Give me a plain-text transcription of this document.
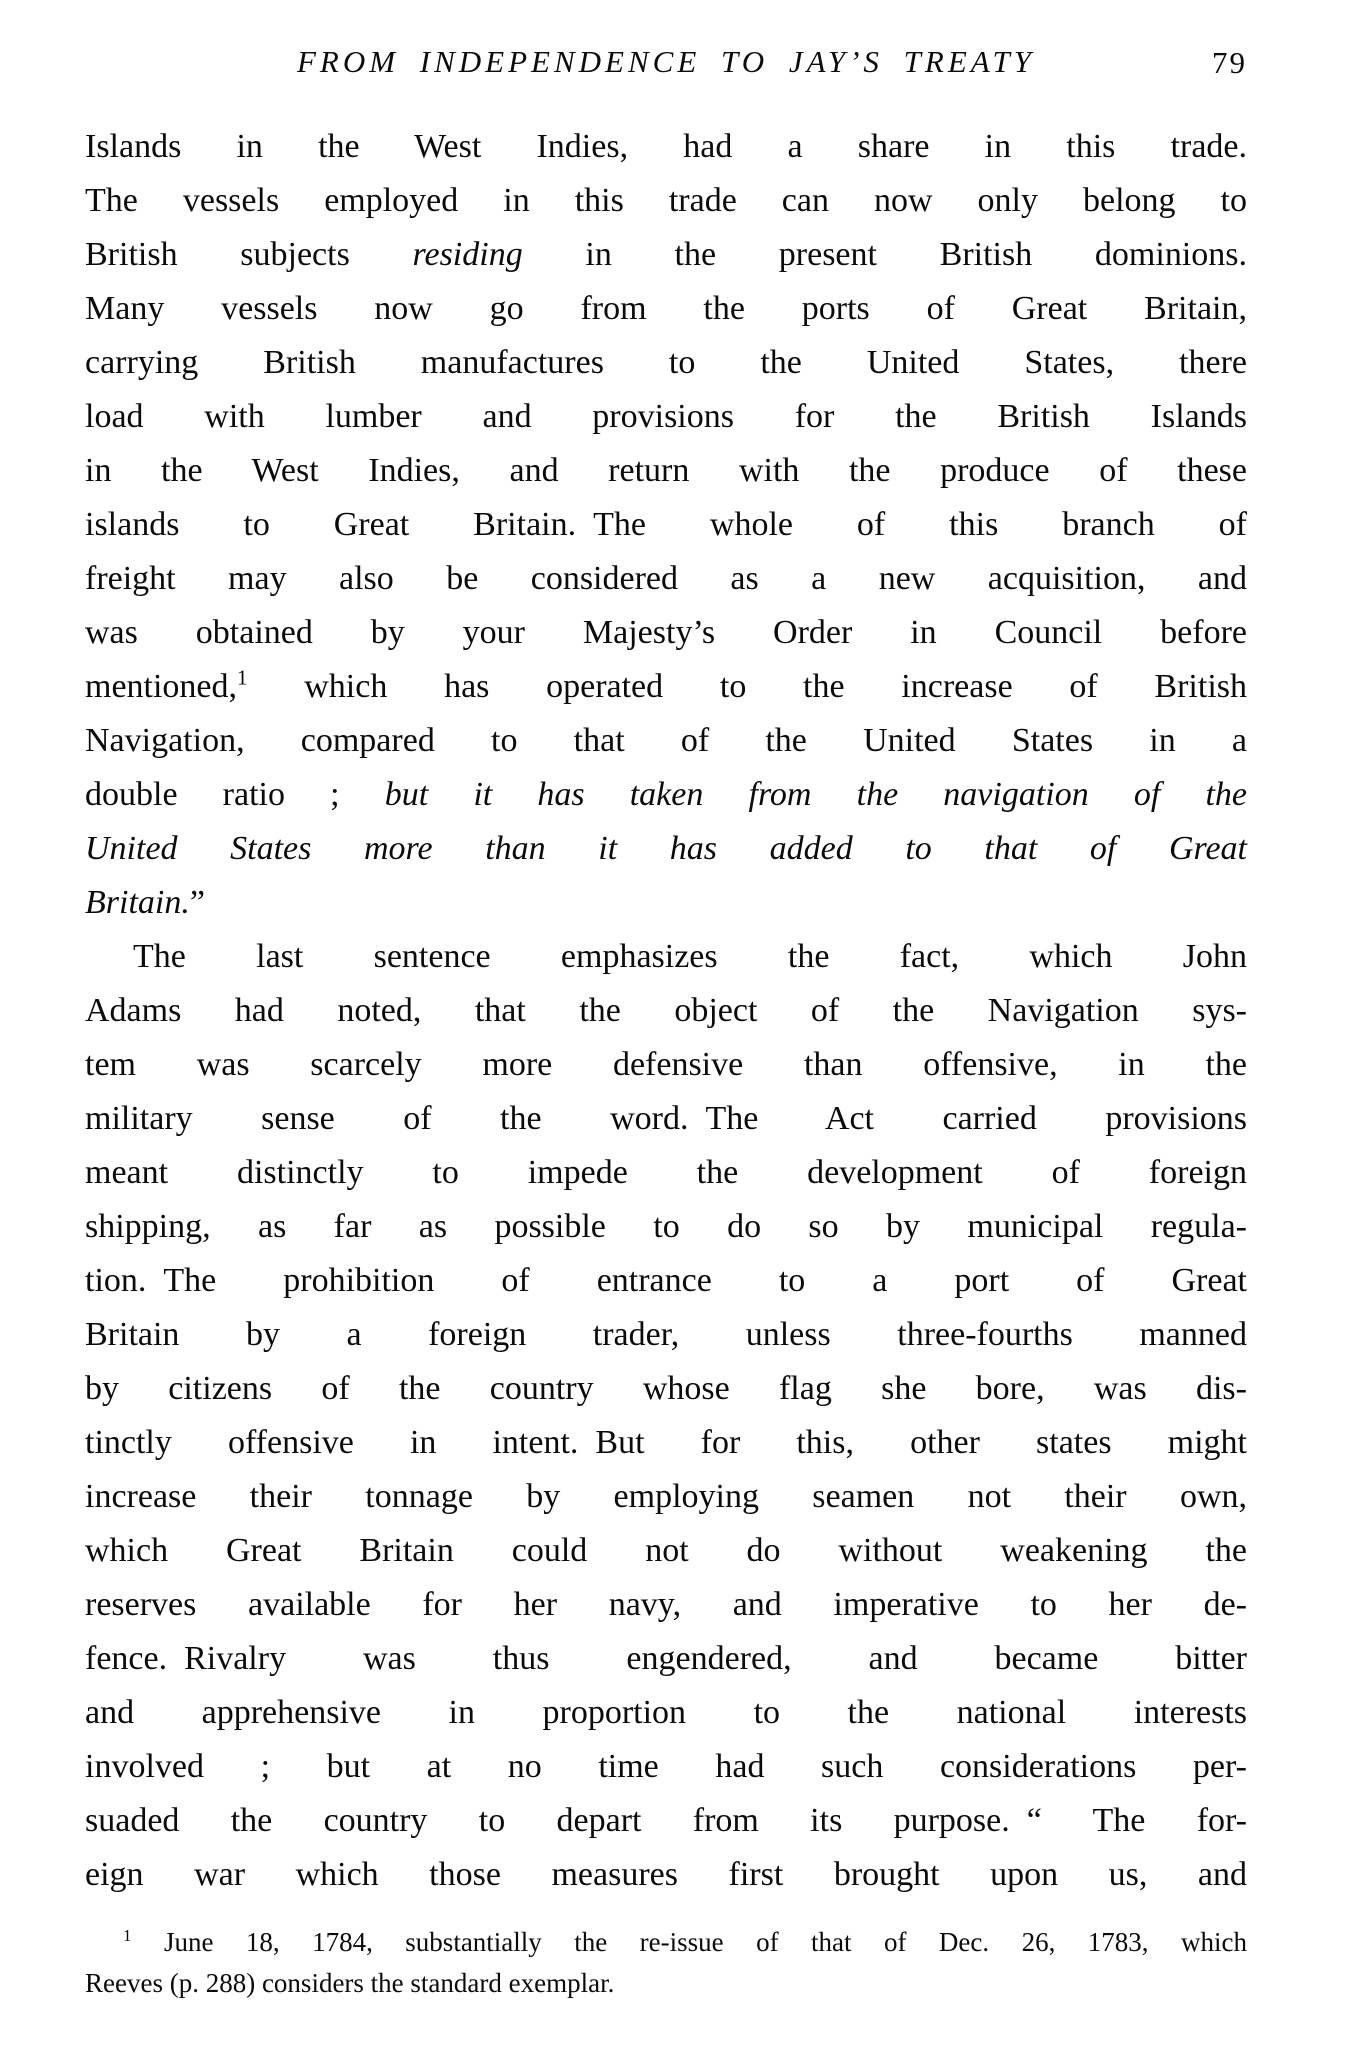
FROM INDEPENDENCE TO JAY’S TREATY	79
Islands in the West Indies, had a share in this trade.
The vessels employed in this trade can now only belong to
British subjects residing in the present British dominions.
Many vessels now go from the ports of Great Britain,
carrying British manufactures to the United States, there
load with lumber and provisions for the British Islands
in the West Indies, and return with the produce of these
islands to Great Britain. The whole of this branch of
freight may also be considered as a new acquisition, and
was obtained by your Majesty’s Order in Council before
mentioned,$^1$ which has operated to the increase of British
Navigation, compared to that of the United States in a
double ratio ; but it has taken from the navigation of the
United States more than it has added to that of Great
Britain.”
The last sentence emphasizes the fact, which John
Adams had noted, that the object of the Navigation sys-
tem was scarcely more defensive than offensive, in the
military sense of the word. The Act carried provisions
meant distinctly to impede the development of foreign
shipping, as far as possible to do so by municipal regula-
tion. The prohibition of entrance to a port of Great
Britain by a foreign trader, unless three-fourths manned
by citizens of the country whose flag she bore, was dis-
tinctly offensive in intent. But for this, other states might
increase their tonnage by employing seamen not their own,
which Great Britain could not do without weakening the
reserves available for her navy, and imperative to her de-
fence. Rivalry was thus engendered, and became bitter
and apprehensive in proportion to the national interests
involved ; but at no time had such considerations per-
suaded the country to depart from its purpose. “ The for-
eign war which those measures first brought upon us, and
$^1$ June 18, 1784, substantially the re-issue of that of Dec. 26, 1783, which
Reeves (p. 288) considers the standard exemplar.
